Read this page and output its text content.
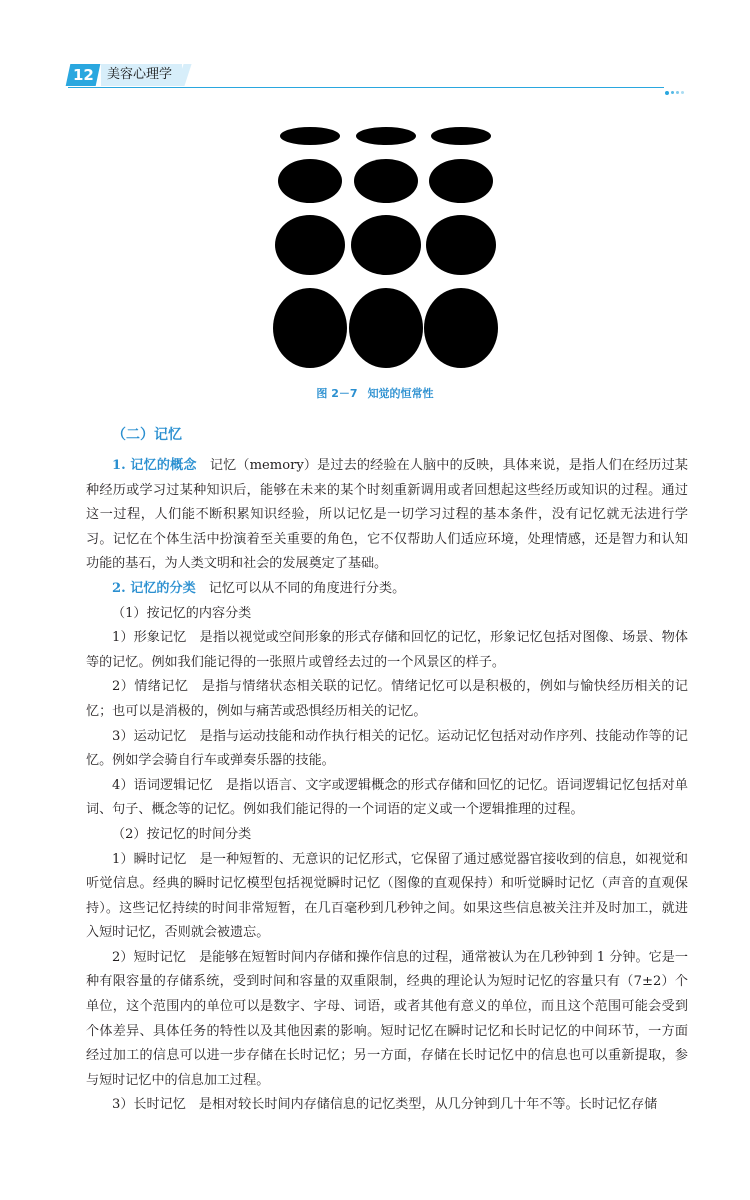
12	美容心理学
图 2－7 知觉的恒常性

（二）记忆

1. 记忆的概念　 记忆（memory）是过去的经验在人脑中的反映，具体来说，是指人们在经历过某种经历或学习过某种知识后，能够在未来的某个时刻重新调用或者回想起这些经历或知识的过程。通过这一过程，人们能不断积累知识经验，所以记忆是一切学习过程的基本条件，没有记忆就无法进行学习。记忆在个体生活中扮演着至关重要的角色，它不仅帮助人们适应环境，处理情感，还是智力和认知功能的基石，为人类文明和社会的发展奠定了基础。

2. 记忆的分类　 记忆可以从不同的角度进行分类。

（1）按记忆的内容分类

1）形象记忆　是指以视觉或空间形象的形式存储和回忆的记忆，形象记忆包括对图像、场景、物体等的记忆。例如我们能记得的一张照片或曾经去过的一个风景区的样子。

2）情绪记忆　是指与情绪状态相关联的记忆。情绪记忆可以是积极的，例如与愉快经历相关的记忆；也可以是消极的，例如与痛苦或恐惧经历相关的记忆。

3）运动记忆　是指与运动技能和动作执行相关的记忆。运动记忆包括对动作序列、技能动作等的记忆。例如学会骑自行车或弹奏乐器的技能。

4）语词逻辑记忆　是指以语言、文字或逻辑概念的形式存储和回忆的记忆。语词逻辑记忆包括对单词、句子、概念等的记忆。例如我们能记得的一个词语的定义或一个逻辑推理的过程。

（2）按记忆的时间分类

1）瞬时记忆　是一种短暂的、无意识的记忆形式，它保留了通过感觉器官接收到的信息，如视觉和听觉信息。经典的瞬时记忆模型包括视觉瞬时记忆（图像的直观保持）和听觉瞬时记忆（声音的直观保持）。这些记忆持续的时间非常短暂，在几百毫秒到几秒钟之间。如果这些信息被关注并及时加工，就进入短时记忆，否则就会被遗忘。

2）短时记忆　是能够在短暂时间内存储和操作信息的过程，通常被认为在几秒钟到 1 分钟。它是一种有限容量的存储系统，受到时间和容量的双重限制，经典的理论认为短时记忆的容量只有（7±2）个单位，这个范围内的单位可以是数字、字母、词语，或者其他有意义的单位，而且这个范围可能会受到个体差异、具体任务的特性以及其他因素的影响。短时记忆在瞬时记忆和长时记忆的中间环节，一方面经过加工的信息可以进一步存储在长时记忆；另一方面，存储在长时记忆中的信息也可以重新提取，参与短时记忆中的信息加工过程。

3）长时记忆　是相对较长时间内存储信息的记忆类型，从几分钟到几十年不等。长时记忆存储
